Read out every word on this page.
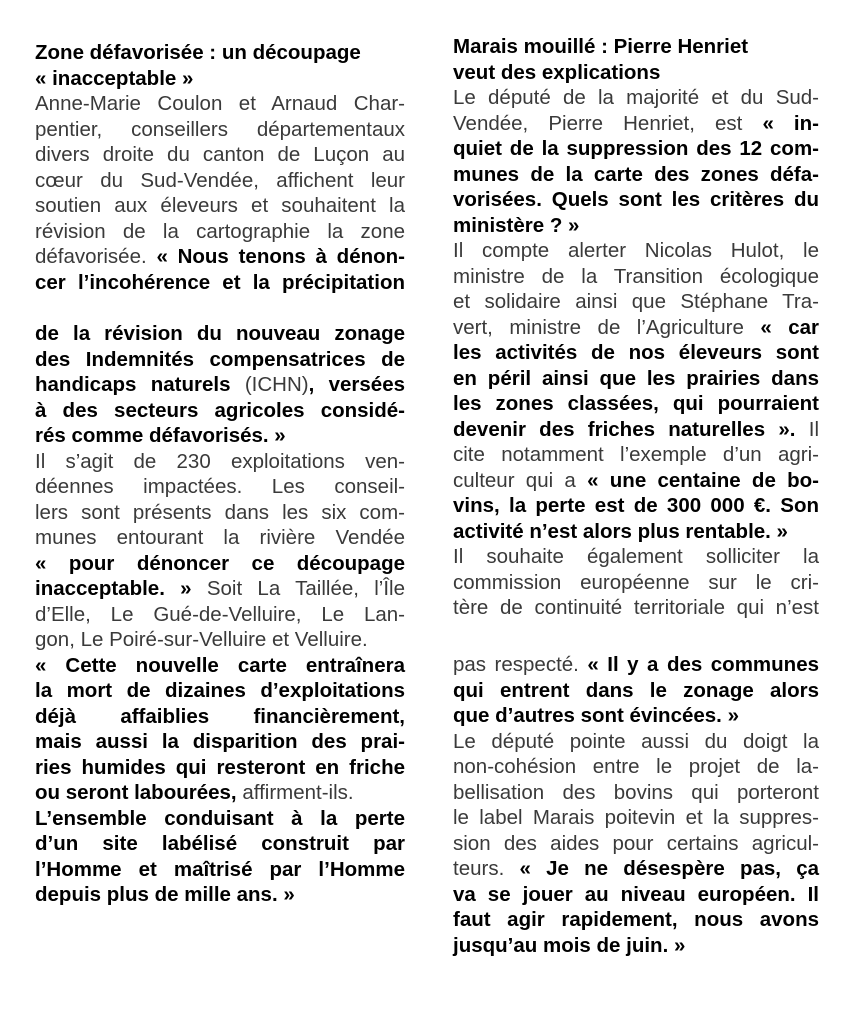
Zone défavorisée : un découpage
« inacceptable »
Anne-Marie Coulon et Arnaud Char-
pentier, conseillers départementaux
divers droite du canton de Luçon au
cœur du Sud-Vendée, affichent leur
soutien aux éleveurs et souhaitent la
révision de la cartographie la zone
défavorisée. « Nous tenons à dénon-
cer l’incohérence et la précipitation
de la révision du nouveau zonage
des Indemnités compensatrices de
handicaps naturels (ICHN), versées
à des secteurs agricoles considé-
rés comme défavorisés. »
Il s’agit de 230 exploitations ven-
déennes impactées. Les conseil-
lers sont présents dans les six com-
munes entourant la rivière Vendée
« pour dénoncer ce découpage
inacceptable. » Soit La Taillée, l’Île
d’Elle, Le Gué-de-Velluire, Le Lan-
gon, Le Poiré-sur-Velluire et Velluire.
« Cette nouvelle carte entraînera
la mort de dizaines d’exploitations
déjà affaiblies financièrement,
mais aussi la disparition des prai-
ries humides qui resteront en friche
ou seront labourées, affirment-ils.
L’ensemble conduisant à la perte
d’un site labélisé construit par
l’Homme et maîtrisé par l’Homme
depuis plus de mille ans. »
Marais mouillé : Pierre Henriet
veut des explications
Le député de la majorité et du Sud-
Vendée, Pierre Henriet, est « in-
quiet de la suppression des 12 com-
munes de la carte des zones défa-
vorisées. Quels sont les critères du
ministère ? »
Il compte alerter Nicolas Hulot, le
ministre de la Transition écologique
et solidaire ainsi que Stéphane Tra-
vert, ministre de l’Agriculture « car
les activités de nos éleveurs sont
en péril ainsi que les prairies dans
les zones classées, qui pourraient
devenir des friches naturelles ». Il
cite notamment l’exemple d’un agri-
culteur qui a « une centaine de bo-
vins, la perte est de 300 000 €. Son
activité n’est alors plus rentable. »
Il souhaite également solliciter la
commission européenne sur le cri-
tère de continuité territoriale qui n’est
pas respecté. « Il y a des communes
qui entrent dans le zonage alors
que d’autres sont évincées. »
Le député pointe aussi du doigt la
non-cohésion entre le projet de la-
bellisation des bovins qui porteront
le label Marais poitevin et la suppres-
sion des aides pour certains agricul-
teurs. « Je ne désespère pas, ça
va se jouer au niveau européen. Il
faut agir rapidement, nous avons
jusqu’au mois de juin. »
